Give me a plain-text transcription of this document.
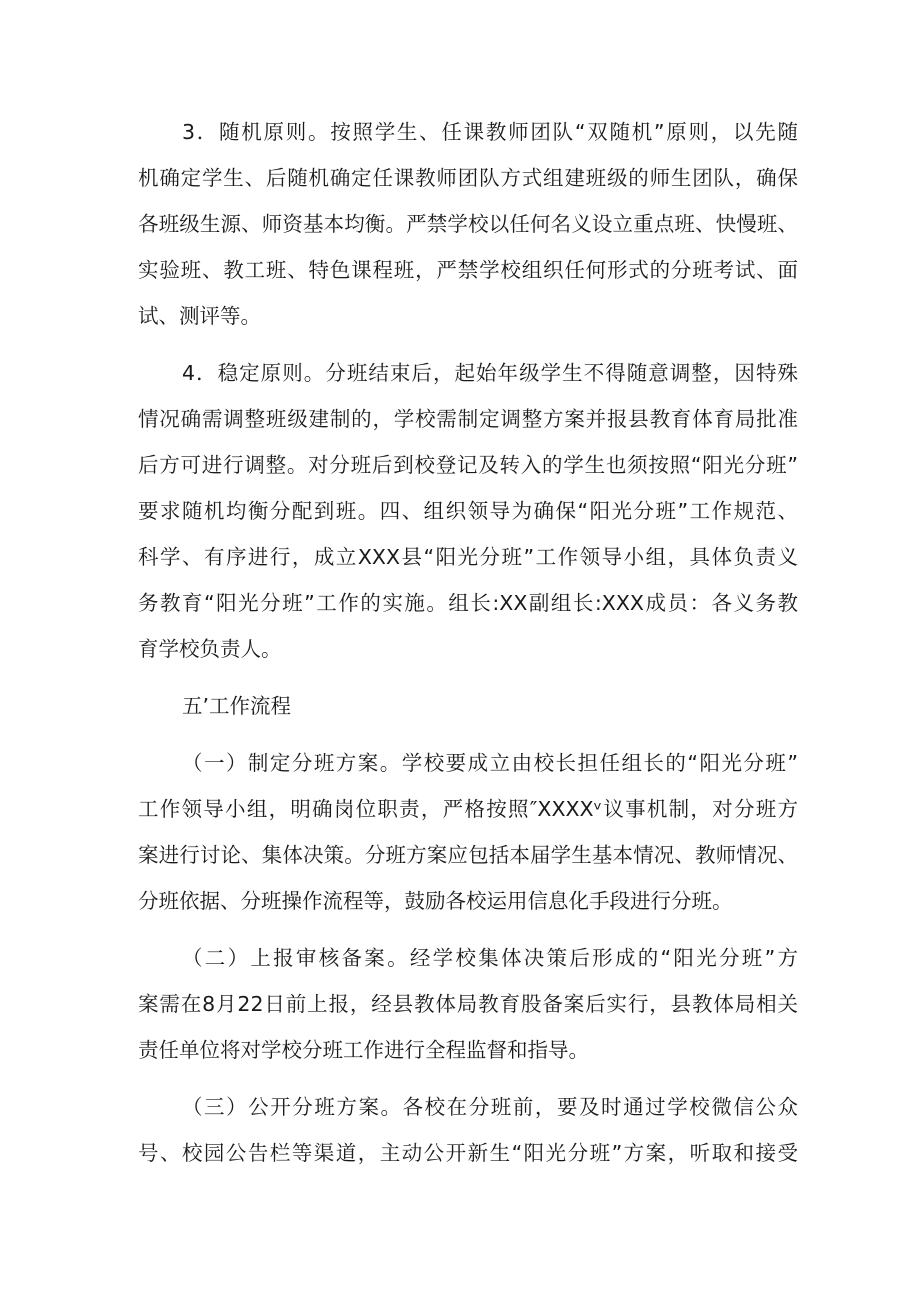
3．随机原则。按照学生、任课教师团队“双随机”原则，以先随
机确定学生、后随机确定任课教师团队方式组建班级的师生团队，确保
各班级生源、师资基本均衡。严禁学校以任何名义设立重点班、快慢班、
实验班、教工班、特色课程班，严禁学校组织任何形式的分班考试、面
试、测评等。
4．稳定原则。分班结束后，起始年级学生不得随意调整，因特殊
情况确需调整班级建制的，学校需制定调整方案并报县教育体育局批准
后方可进行调整。对分班后到校登记及转入的学生也须按照“阳光分班”
要求随机均衡分配到班。四、组织领导为确保“阳光分班”工作规范、
科学、有序进行，成立XXX县“阳光分班”工作领导小组，具体负责义
务教育“阳光分班”工作的实施。组长:XX副组长:XXX成员：各义务教
育学校负责人。
五’工作流程
（一）制定分班方案。学校要成立由校长担任组长的“阳光分班”
工作领导小组，明确岗位职责，严格按照″XXXXᵛ议事机制，对分班方
案进行讨论、集体决策。分班方案应包括本届学生基本情况、教师情况、
分班依据、分班操作流程等，鼓励各校运用信息化手段进行分班。
（二）上报审核备案。经学校集体决策后形成的“阳光分班”方
案需在8月22日前上报，经县教体局教育股备案后实行，县教体局相关
责任单位将对学校分班工作进行全程监督和指导。
（三）公开分班方案。各校在分班前，要及时通过学校微信公众
号、校园公告栏等渠道，主动公开新生“阳光分班”方案，听取和接受
